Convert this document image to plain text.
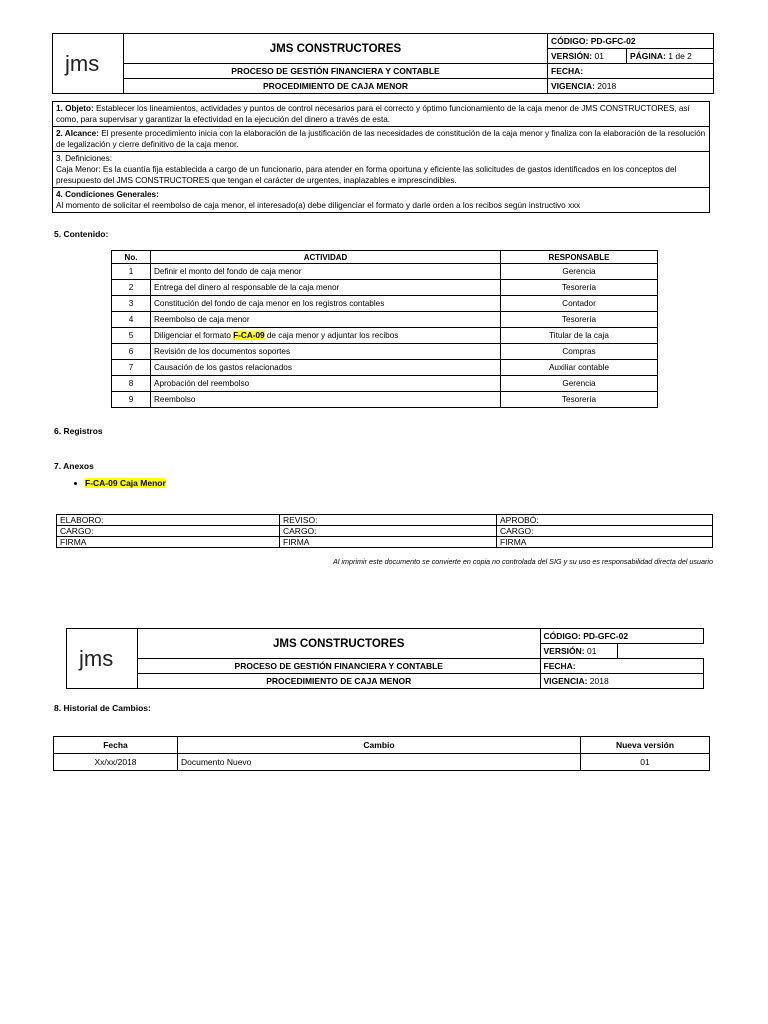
jms	JMS CONSTRUCTORES	CÓDIGO: PD-GFC-02	
		VERSIÓN: 01	PÁGINA: 1 de 2
	PROCESO DE GESTIÓN FINANCIERA Y CONTABLE	FECHA:	
	PROCEDIMIENTO DE CAJA MENOR	VIGENCIA: 2018	
1. Objeto: Establecer los lineamientos, actividades y puntos de control necesarios para el correcto y óptimo funcionamiento de la caja menor de JMS CONSTRUCTORES, así como, para supervisar y garantizar la efectividad en la ejecución del dinero a través de esta.
2. Alcance: El presente procedimiento inicia con la elaboración de la justificación de las necesidades de constitución de la caja menor y finaliza con la elaboración de la resolución de legalización y cierre definitivo de la caja menor.
3. Definiciones:
Caja Menor: Es la cuantía fija establecida a cargo de un funcionario, para atender en forma oportuna y eficiente las solicitudes de gastos identificados en los conceptos del presupuesto del JMS CONSTRUCTORES que tengan el carácter de urgentes, inaplazables e imprescindibles.
4. Condiciones Generales:
Al momento de solicitar el reembolso de caja menor, el interesado(a) debe diligenciar el formato y darle orden a los recibos según instructivo xxx
5. Contenido:
No.	ACTIVIDAD	RESPONSABLE
1	Definir el monto del fondo de caja menor	Gerencia
2	Entrega del dinero al responsable de la caja menor	Tesorería
3	Constitución del fondo de caja menor en los registros contables	Contador
4	Reembolso de caja menor	Tesorería
5	Diligenciar el formato F-CA-09 de caja menor y adjuntar los recibos	Titular de la caja
6	Revisión de los documentos soportes	Compras
7	Causación de los gastos relacionados	Auxiliar contable
8	Aprobación del reembolso	Gerencia
9	Reembolso	Tesorería
6. Registros
7. Anexos
F-CA-09 Caja Menor
ELABORO:	REVISO:	APROBÓ:
CARGO:	CARGO:	CARGO:
FIRMA	FIRMA	FIRMA
Al imprimir este documento se convierte en copia no controlada del SIG y su uso es responsabilidad directa del usuario
jms	JMS CONSTRUCTORES	CÓDIGO: PD-GFC-02	
		VERSIÓN: 01	
	PROCESO DE GESTIÓN FINANCIERA Y CONTABLE	FECHA:	
	PROCEDIMIENTO DE CAJA MENOR	VIGENCIA: 2018	
8. Historial de Cambios:
Fecha	Cambio	Nueva versión
Xx/xx/2018	Documento Nuevo	01
